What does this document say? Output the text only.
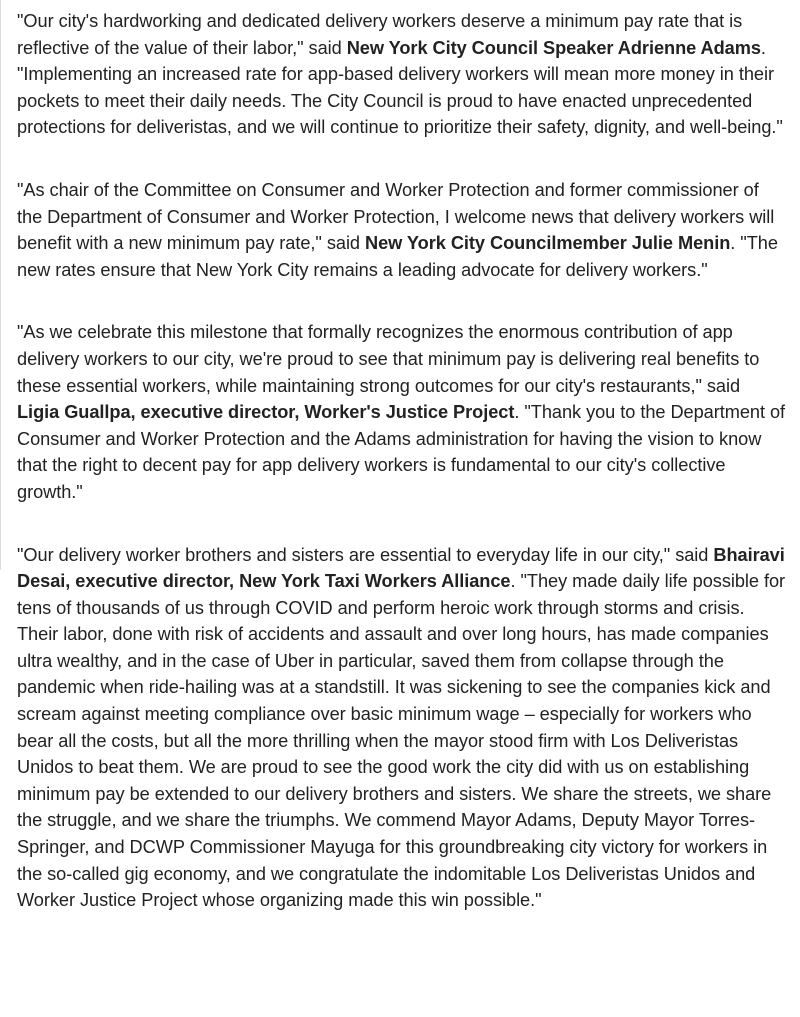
"Our city's hardworking and dedicated delivery workers deserve a minimum pay rate that is reflective of the value of their labor," said New York City Council Speaker Adrienne Adams. "Implementing an increased rate for app-based delivery workers will mean more money in their pockets to meet their daily needs. The City Council is proud to have enacted unprecedented protections for deliveristas, and we will continue to prioritize their safety, dignity, and well-being."

"As chair of the Committee on Consumer and Worker Protection and former commissioner of the Department of Consumer and Worker Protection, I welcome news that delivery workers will benefit with a new minimum pay rate," said New York City Councilmember Julie Menin. "The new rates ensure that New York City remains a leading advocate for delivery workers."

"As we celebrate this milestone that formally recognizes the enormous contribution of app delivery workers to our city, we're proud to see that minimum pay is delivering real benefits to these essential workers, while maintaining strong outcomes for our city's restaurants," said Ligia Guallpa, executive director, Worker's Justice Project. "Thank you to the Department of Consumer and Worker Protection and the Adams administration for having the vision to know that the right to decent pay for app delivery workers is fundamental to our city's collective growth."

"Our delivery worker brothers and sisters are essential to everyday life in our city," said Bhairavi Desai, executive director, New York Taxi Workers Alliance. "They made daily life possible for tens of thousands of us through COVID and perform heroic work through storms and crisis. Their labor, done with risk of accidents and assault and over long hours, has made companies ultra wealthy, and in the case of Uber in particular, saved them from collapse through the pandemic when ride-hailing was at a standstill. It was sickening to see the companies kick and scream against meeting compliance over basic minimum wage – especially for workers who bear all the costs, but all the more thrilling when the mayor stood firm with Los Deliveristas Unidos to beat them. We are proud to see the good work the city did with us on establishing minimum pay be extended to our delivery brothers and sisters. We share the streets, we share the struggle, and we share the triumphs. We commend Mayor Adams, Deputy Mayor Torres-Springer, and DCWP Commissioner Mayuga for this groundbreaking city victory for workers in the so-called gig economy, and we congratulate the indomitable Los Deliveristas Unidos and Worker Justice Project whose organizing made this win possible."
